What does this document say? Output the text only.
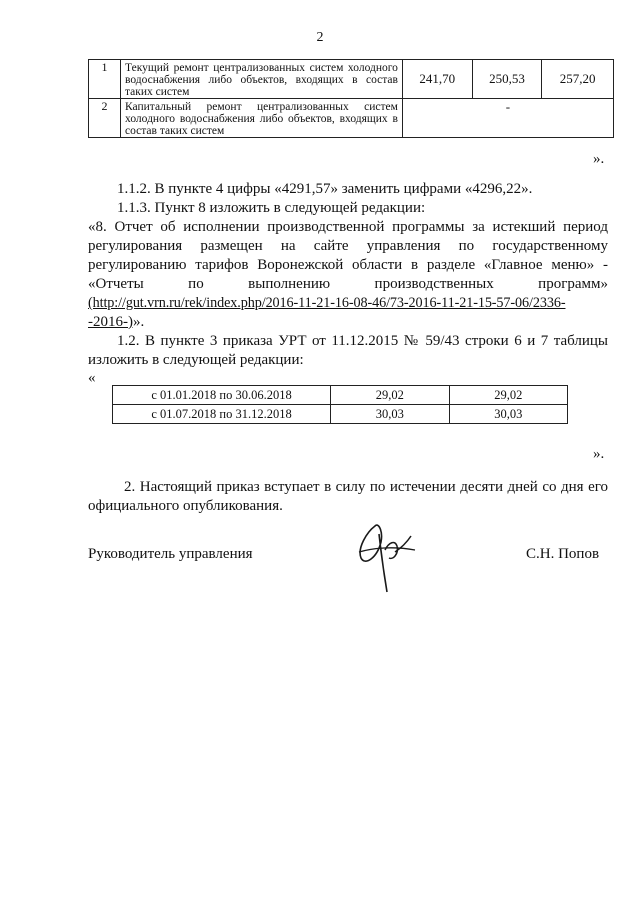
2
1	Текущий ремонт централизованных систем холодного водоснабжения либо объектов, входящих в состав таких систем	241,70	250,53	257,20
2	Капитальный ремонт централизованных систем холодного водоснабжения либо объектов, входящих в состав таких систем	-		
».
1.1.2. В пункте 4 цифры «4291,57» заменить цифрами «4296,22».
1.1.3. Пункт 8 изложить в следующей редакции:
«8. Отчет об исполнении производственной программы за истекший период
регулирования размещен на сайте управления по государственному
регулированию тарифов Воронежской области в разделе «Главное меню» -
«Отчеты по выполнению производственных программ»
(http://gut.vrn.ru/rek/index.php/2016-11-21-16-08-46/73-2016-11-21-15-57-06/2336-
-2016-)».
1.2. В пункте 3 приказа УРТ от 11.12.2015 № 59/43 строки 6 и 7 таблицы
изложить в следующей редакции:
«
с 01.01.2018 по 30.06.2018	29,02	29,02
с 01.07.2018 по 31.12.2018	30,03	30,03
».
2. Настоящий приказ вступает в силу по истечении десяти дней со дня его
официального опубликования.
Руководитель управления	С.Н. Попов
